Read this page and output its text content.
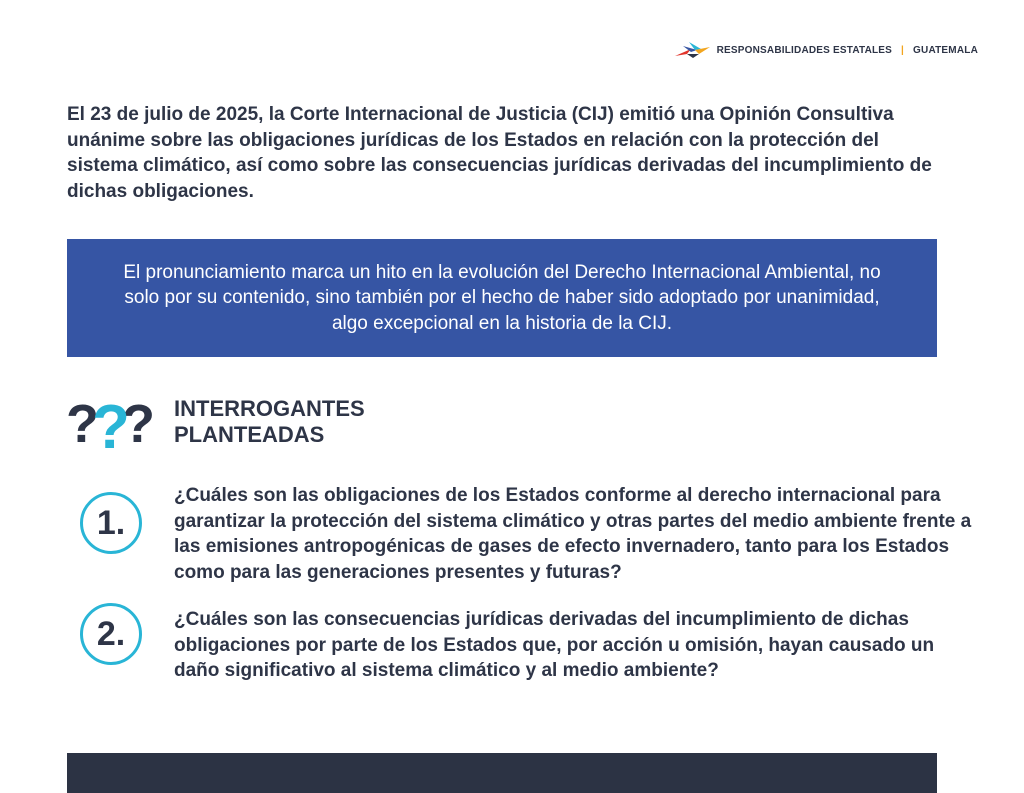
RESPONSABILIDADES ESTATALES | GUATEMALA

El 23 de julio de 2025, la Corte Internacional de Justicia (CIJ) emitió una Opinión Consultiva unánime sobre las obligaciones jurídicas de los Estados en relación con la protección del sistema climático, así como sobre las consecuencias jurídicas derivadas del incumplimiento de dichas obligaciones.

El pronunciamiento marca un hito en la evolución del Derecho Internacional Ambiental, no solo por su contenido, sino también por el hecho de haber sido adoptado por unanimidad, algo excepcional en la historia de la CIJ.

? ?
? INTERROGANTES
PLANTEADAS
1.

¿Cuáles son las obligaciones de los Estados conforme al derecho internacional para garantizar la protección del sistema climático y otras partes del medio ambiente frente a las emisiones antropogénicas de gases de efecto invernadero, tanto para los Estados como para las generaciones presentes y futuras?

2.	¿Cuáles son las consecuencias jurídicas derivadas del incumplimiento de dichas obligaciones por parte de los Estados que, por acción u omisión, hayan causado un daño significativo al sistema climático y al medio ambiente?
